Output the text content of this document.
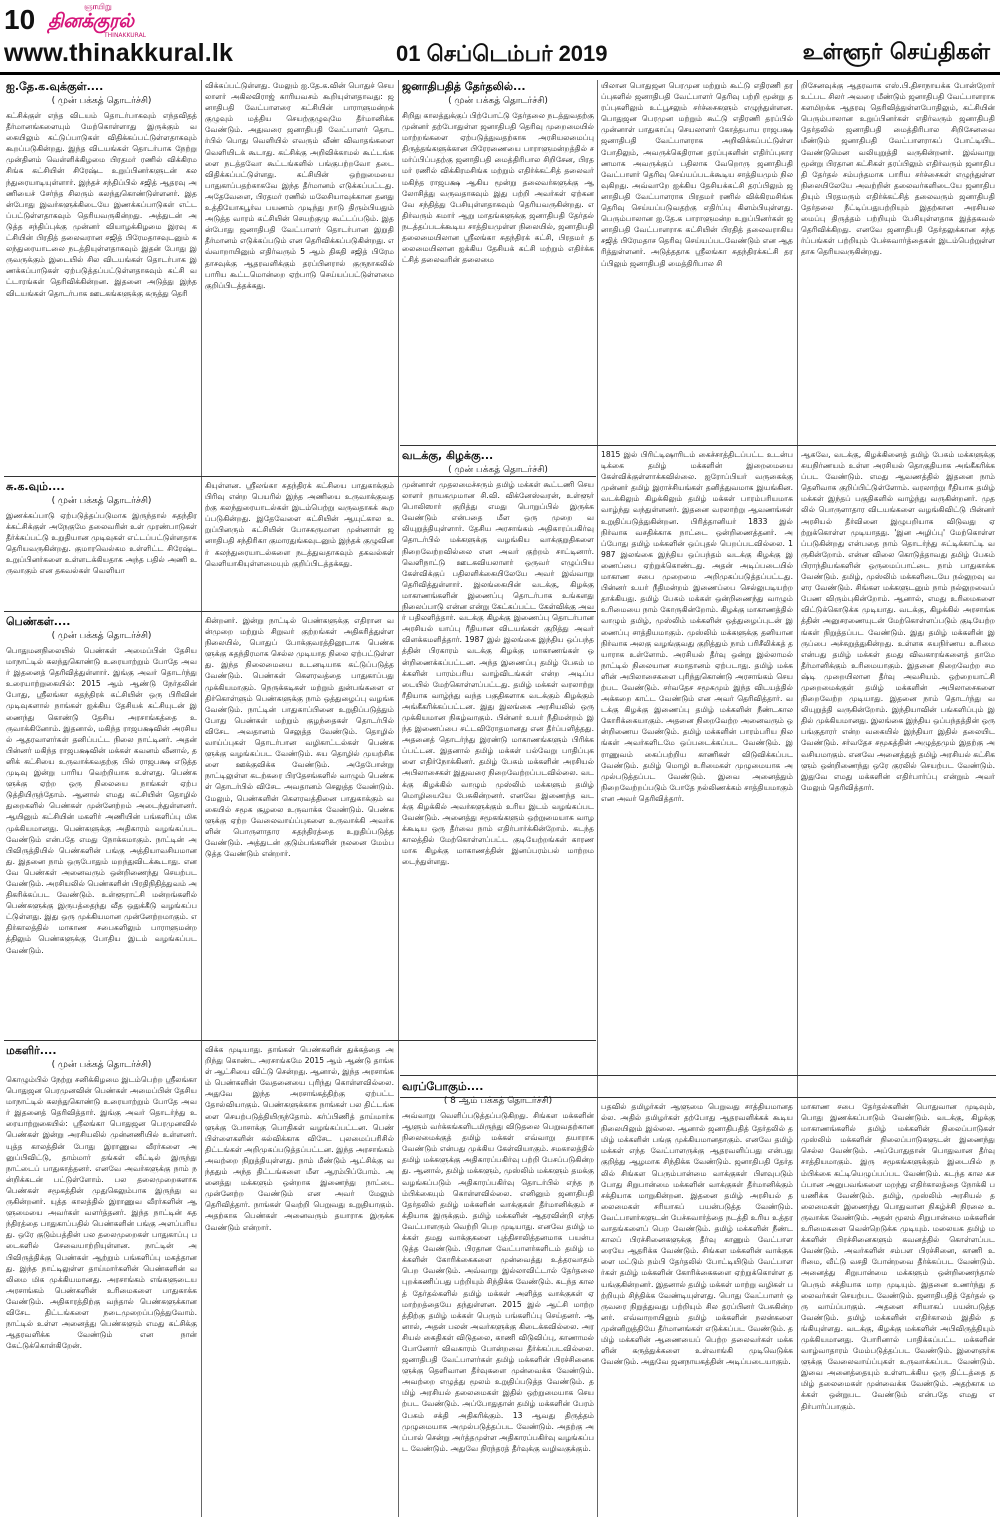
10	ஞாயிறு
தினக்குரல்
THINAKKURAL
www.thinakkural.lk	01 செப்டெம்பர் 2019	உள்ளூர் செய்திகள்
ஐ.தே.க.வுக்குள்....
( முன் பக்கத் தொடர்ச்சி)

கட்சிக்குள் எந்த விடயம் தொடர்பாகவும் எந்தவிதத் தீர்மானங்களையும் மேற்கொள்ளாது இருக்கும் வகையிலும் கட்டுப்பாடுகள் விதிக்கப்பட்டுள்ளதாகவும் கூறப்படுகின்றது. இந்த விடயங்கள் தொடர்பாக நேற்று முன்தினம் வெள்ளிக்கிழமை பிரதமர் ரணில் விக்கிரமசிங்க கட்சியின் சிரேஷ்ட உறுப்பினர்களுடன் கலந்துரையாடியுள்ளார். இந்தச் சந்திப்பில் சஜித் ஆதரவு அணியைச் சேர்ந்த சிலரும் கலந்துகொண்டுள்ளனர். இதன்போது இவர்களுக்கிடையே இணக்கப்பாடுகள் எட்டப்பட்டுள்ளதாகவும் தெரியவருகின்றது. அத்துடன் அடுத்த சந்திப்புக்கு முன்னர் வியாழக்கிழமை இரவு கட்சியின் பிரதித் தலைவரான சஜித் பிரேமதாசவுடனும் கலந்துரையாடலை நடத்தியுள்ளதாகவும் இதன் போது இருவருக்கும் இடையில் சில விடயங்கள் தொடர்பாக இணக்கப்பாடுகள் ஏற்படுத்தப்பட்டுள்ளதாகவும் கட்சி வட்டாரங்கள் தெரிவிக்கின்றன. இதனை அடுத்து இந்த விடயங்கள் தொடர்பாக ஊடகங்களுக்கு கருத்து தெரி

விக்கப்பட்டுள்ளது. மேலும் ஐ.தே.க.வின் பொதுச் செயலாளர் அகிலவிராஜ் காரியவசம் கூறியுள்ளதாவது: ஜனாதிபதி வேட்பாளரை கட்சியின் பாராளுமன்றக் குழுவும் மத்திய செயற்குழுவுமே தீர்மானிக்க வேண்டும். அதுவரை ஜனாதிபதி வேட்பாளர் தொடர்பில் பொது வெளியில் எவரும் வீண் விவாதங்களை வெளியிடக் கூடாது. கட்சிக்கு அறிவிக்காமல் கூட்டங்களை நடத்தவோ கூட்டங்களில் பங்குபற்றவோ தடை விதிக்கப்பட்டுள்ளது. கட்சியின் ஒற்றுமையை பாதுகாப்பதற்காகவே இந்த தீர்மானம் எடுக்கப்பட்டது. அதேவேளை, பிரதமர் ரணில் மலேசியாவுக்கான தனது உத்தியோகபூர்வ பயணம் முடிந்து நாடு திரும்பியதும் அடுத்த வாரம் கட்சியின் செயற்குழு கூட்டப்படும். இதன்போது ஜனாதிபதி வேட்பாளர் தொடர்பான இறுதி தீர்மானம் எடுக்கப்படும் என தெரிவிக்கப்படுகின்றது. எவ்வாறாயினும் எதிர்வரும் 5 ஆம் திகதி சஜித் பிரேமதாசவுக்கு ஆதரவளிக்கும் தரப்பினரால் குருநாகலில் பாரிய கூட்டமொன்றை ஏற்பாடு செய்யப்பட்டுள்ளமை குறிப்பிடத்தக்கது.

சு.க.வும்....
( முன் பக்கத் தொடர்ச்சி)

இணக்கப்பாடு ஏற்படுத்தப்படுமாக இருந்தால் சுதந்திரக்கட்சிக்குள் அநேகுமே தலைவரின் உள் முரண்பாடுகள் தீர்க்கப்பட்டு உறுதியான முடிவுகள் எட்டப்பட்டுள்ளதாக தெரியவருகின்றது. குமாரவெல்கம உள்ளிட்ட சிரேஷ்ட உறுப்பினர்களை உள்ளடக்கியதாக அந்த பதில் அணி உருவாகும் என தகவல்கள் வெளியா

கியுள்ளன. ஸ்ரீலங்கா சுதந்திரக் கட்சியை பாதுகாக்கும் பிரிவு என்ற பெயரில் இந்த அணியை உருவாக்குவதற்கு கலந்துரையாடல்கள் இடம்பெற்று வருவதாகக் கூறப்படுகின்றது. இதேவேளை கட்சியின் ஆயுட்கால உறுப்பினரும் கட்சியின் போசகருமான முன்னாள் ஜனாதிபதி சந்திரிகா குமாரதுங்கவுடனும் இந்தக் குழுவினர் கலந்துரையாடல்களை நடத்துவதாகவும் தகவல்கள் வெளியாகியுள்ளமையும் குறிப்பிடத்தக்கது.

பெண்கள்....
( முன் பக்கத் தொடர்ச்சி)

பொதுமனநிலையில் பெண்கள் அமைப்பின் தேசிய மாநாட்டில் கலந்துகொண்டு உரையாற்றும் போதே அவர் இதனைத் தெரிவித்துள்ளார். இங்கு அவர் தொடர்ந்து உரையாற்றுகையில்: 2015 ஆம் ஆண்டு நேர்தலின் போது, ஸ்ரீலங்கா சுதந்திரக் கட்சியின் ஒரு பிரிவின் முடிவுகளால் நாங்கள் ஐக்கிய தேசியக் கட்சியுடன் இணைந்து கொண்டு தேசிய அரசாங்கத்தை உருவாக்கினோம். இதனால், மகிந்த ராஜபக்ஷவின் அரசியல் ஆதரவாளர்கள் தனிப்பட்ட நிலை நாட்டினர். அதன் பின்னர் மகிந்த ராஜபக்ஷவின் மக்கள் கவனம் வீனால், தனிக் கட்சியை உருவாக்கவதற்கு பில் ராஜபக்ஷ எடுத்த முடிவு இன்று பாரிய வெற்றியாக உள்ளது. பெண்களுக்கு ஏற்ற ஒரு நிலையை நாங்கள் ஏற்படுத்தியிருந்தோம். ஆனால் எமது கட்சியின் தொழில் துறைகளில் பெண்கள் முன்னேற்றம் அடைந்துள்ளனர். ஆயினும் கட்சியின் மகளிர் அணியின் பங்களிப்பு மிக முக்கியமானது. பெண்களுக்கு அதிகாரம் வழங்கப்பட வேண்டும் என்பதே எமது நோக்கமாகும். நாட்டின் அபிவிருத்தியில் பெண்களின் பங்கு அத்தியாவசியமானது. இதனை நாம் ஒருபோதும் மறந்துவிடக்கூடாது. எனவே பெண்கள் அனைவரும் ஒன்றிணைந்து செயற்பட வேண்டும். அரசியலில் பெண்களின் பிரதிநிதித்துவம் அதிகரிக்கப்பட வேண்டும். உள்ளூராட்சி மன்றங்களில் பெண்களுக்கு இருபத்தைந்து வீத ஒதுக்கீடு வழங்கப்பட்டுள்ளது. இது ஒரு முக்கியமான முன்னேற்றமாகும். எதிர்காலத்தில் மாகாண சபைகளிலும் பாராளுமன்றத்திலும் பெண்களுக்கு போதிய இடம் வழங்கப்பட வேண்டும்.

கின்றனர். இன்று நாட்டில் பெண்களுக்கு எதிரான வன்முறை மற்றும் சிறுவர் குற்றங்கள் அதிகரித்துள்ள நிலையில், பொதுப் போக்குவரத்தினூடாக பெண்களுக்கு சுதந்திரமாக செல்ல முடியாத நிலை ஏற்பட்டுள்ளது. இந்த நிலைமையை உடனடியாக கட்டுப்படுத்த வேண்டும். பெண்கள் கௌரவத்தை பாதுகாப்பது முக்கியமாகும். நெருக்கடிகள் மற்றும் துன்பங்களை எதிர்கொள்ளும் பெண்களுக்கு நாம் ஒத்துழைப்பு வழங்க வேண்டும். நாட்டின் பாதுகாப்பினை உறுதிப்படுத்தும் போது பெண்கள் மற்றும் குழந்தைகள் தொடர்பில் விசேட அவதானம் செலுத்த வேண்டும். தொழில் வாய்ப்புகள் தொடர்பான வழிகாட்டல்கள் பெண்களுக்கு வழங்கப்பட வேண்டும். சுய தொழில் முயற்சிகளை ஊக்குவிக்க வேண்டும். அதேபோன்று நாட்டிலுள்ள கடற்கரை பிரதேசங்களில் வாழும் பெண்கள் தொடர்பில் விசேட அவதானம் செலுத்த வேண்டும். மேலும், பெண்களின் கௌரவத்தினை பாதுகாக்கும் வகையில் சமூக சூழலை உருவாக்க வேண்டும். பெண்களுக்கு ஏற்ற வேலைவாய்ப்புகளை உருவாக்கி அவர்களின் பொருளாதார சுதந்திரத்தை உறுதிப்படுத்த வேண்டும். அத்துடன் குடும்பங்களின் நலனை மேம்படுத்த வேண்டும் என்றார்.

மகளிர்....
( முன் பக்கத் தொடர்ச்சி)

கொழும்பில் நேற்று சனிக்கிழமை இடம்பெற்ற ஸ்ரீலங்கா பொதுஜன பெரமுனவின் பெண்கள் அமைப்பின் தேசிய மாநாட்டில் கலந்துகொண்டு உரையாற்றும் போதே அவர் இதனைத் தெரிவித்தார். இங்கு அவர் தொடர்ந்து உரையாற்றுகையில்: ஸ்ரீலங்கா பொதுஜன பெரமுனவில் பெண்கள் இன்று அரசியலில் முன்னணியில் உள்ளனர். யுத்த காலத்தின் போது இராணுவ வீரர்களை அனுப்பிவிட்டு, தாம்மார் தங்கள் வீட்டில் இருந்து நாட்டைப் பாதுகாத்தனர். எனவே அவர்களுக்கு நாம் நன்றிக்கடன் பட்டுள்ளோம். பல தலைமுறைகளாக பெண்கள் சமூகத்தின் முதுகெலும்பாக இருந்து வருகின்றனர். யுத்த காலத்தில் இராணுவ வீரர்களின் ஆளுமையை அவர்கள் வளர்த்தனர். இந்த நாட்டின் சுதந்திரத்தை பாதுகாப்பதில் பெண்களின் பங்கு அளப்பரியது. ஒரே குடும்பத்தின் பல தலைமுறைகள் பாதுகாப்பு படைகளில் சேவையாற்றியுள்ளன. நாட்டின் அபிவிருத்திக்கு பெண்கள் ஆற்றும் பங்களிப்பு மகத்தானது. இந்த நாட்டிலுள்ள தாய்மார்களின் பெண்களின் வலிமை மிக முக்கியமானது. அரசாங்கம் எங்களுடைய அரசாங்கம் பெண்களின் உரிமைகளை பாதுகாக்க வேண்டும். அதிகாரத்திற்கு வந்தால் பெண்களுக்கான விசேட திட்டங்களை நடைமுறைப்படுத்துவோம். நாட்டில் உள்ள அனைத்து பெண்களும் எமது கட்சிக்கு ஆதரவளிக்க வேண்டும் என நான் கேட்டுக்கொள்கிறேன்.

விக்க முடியாது. தாங்கள் பெண்களின் துக்கத்தை அறிந்து கொண்ட அரசாங்கமே 2015 ஆம் ஆண்டு தாங்கள் ஆட்சியை விட்டு சென்றது. ஆனால், இந்த அரசாங்கம் பெண்களின் வேதனையை புரிந்து கொள்ளவில்லை. அதுவே இந்த அரசாங்கத்திற்கு ஏற்பட்ட தோல்வியாகும். பெண்களுக்காக நாங்கள் பல திட்டங்களை செயற்படுத்தியிருந்தோம். கர்ப்பிணித் தாய்மார்களுக்கு போசாக்கு பொதிகள் வழங்கப்பட்டன. பெண் பிள்ளைகளின் கல்விக்காக விசேட புலமைப்பரிசில் திட்டங்கள் அறிமுகப்படுத்தப்பட்டன. இந்த அரசாங்கம் அவற்றை நிறுத்தியுள்ளது. நாம் மீண்டும் ஆட்சிக்கு வந்ததும் அந்த திட்டங்களை மீள ஆரம்பிப்போம். அனைத்து மக்களும் ஒன்றாக இணைந்து நாட்டை முன்னேற்ற வேண்டும் என அவர் மேலும் தெரிவித்தார். நாங்கள் வெற்றி பெறுவது உறுதியாகும். அதற்காக பெண்கள் அனைவரும் தயாராக இருக்க வேண்டும் என்றார்.

ஜனாதிபதித் தேர்தலில்...
( முன் பக்கத் தொடர்ச்சி)

சிறிது காலத்துக்குப் பிற்போட்டு தேர்தலை நடத்துவதற்கு முன்னர் தற்போதுள்ள ஜனாதிபதி தெரிவு முறைமையில் மாற்றங்களை ஏற்படுத்துவதற்காக அரசியலமைப்பு திருத்தங்களுக்கான பிரேரணையை பாராளுமன்றத்தில் சமர்ப்பிப்பதற்கு ஜனாதிபதி மைத்திரிபால சிறிசேன, பிரதமர் ரணில் விக்கிரமசிங்க மற்றும் எதிர்க்கட்சித் தலைவர் மகிந்த ராஜபக்ஷ ஆகிய மூன்று தலைவர்களுக்கு ஆலோசித்து வருவதாகவும் இது பற்றி அவர்கள் ஏற்கனவே சந்தித்து பேசியுள்ளதாகவும் தெரியவருகின்றது. எதிர்வரும் சுமார் ஆறு மாதங்களுக்கு ஜனாதிபதி தேர்தல் நடத்தப்படக்கூடிய சாத்தியமுள்ள நிலையில், ஜனாதிபதி தலைமையிலான ஸ்ரீலங்கா சுதந்திரக் கட்சி, பிரதமர் தலைமையிலான ஐக்கிய தேசியக் கட்சி மற்றும் எதிர்க்கட்சித் தலைவரின் தலைமை

யிலான பொதுஜன பெரமுன மற்றும் கூட்டு எதிரணி தரப்புகளில் ஜனாதிபதி வேட்பாளர் தெரிவு பற்றி மூன்று தரப்புகளிலும் உட்பூசலும் சர்ச்சைகளும் எழுந்துள்ளன. பொதுஜன பெரமுன மற்றும் கூட்டு எதிரணி தரப்பில் முன்னாள் பாதுகாப்பு செயலாளர் கோத்தபாய ராஜபக்ஷ ஜனாதிபதி வேட்பாளராக அறிவிக்கப்பட்டுள்ள போதிலும், அவருக்கெதிரான தரப்புகளின் எதிர்ப்புகாரணமாக அவருக்குப் பதிலாக வேறொரு ஜனாதிபதி வேட்பாளர் தெரிவு செய்யப்படக்கூடிய சாத்தியமும் நிலவுகிறது. அவ்வாறே ஐக்கிய தேசியக்கட்சி தரப்பிலும் ஜனாதிபதி வேட்பாளராக பிரதமர் ரணில் விக்கிரமசிங்க தெரிவு செய்யப்படுவதற்கு எதிர்ப்பு கிளம்பியுள்ளது. பெரும்பாலான ஐ.தே.க பாராளுமன்ற உறுப்பினர்கள் ஜனாதிபதி வேட்பாளராக கட்சியின் பிரதித் தலைவராகிய சஜித் பிரேமதாச தெரிவு செய்யப்படவேண்டும் என ஆதரித்துள்ளனர். அடுத்ததாக ஸ்ரீலங்கா சுதந்திரக்கட்சி தரப்பிலும் ஜனாதிபதி மைத்திரிபால சி

றிசேனவுக்கு ஆதரவாக எஸ்.பி.திசாநாயக்க போன்றோர் உட்பட சிலர் அவரை மீண்டும் ஜனாதிபதி வேட்பாளராக களமிறக்க ஆதரவு தெரிவித்துள்ளபோதிலும், கட்சியின் பெரும்பாலான உறுப்பினர்கள் எதிர்வரும் ஜனாதிபதி தேர்தலில் ஜனாதிபதி மைத்திரிபால சிறிசேனவை மீண்டும் ஜனாதிபதி வேட்பாளராகப் போட்டியிட வேண்டுமென வலியுறுத்தி வருகின்றனர். இவ்வாறு மூன்று பிரதான கட்சிகள் தரப்பிலும் எதிர்வரும் ஜனாதிபதி தேர்தல் சம்பந்தமாக பாரிய சர்ச்சைகள் எழுந்துள்ள நிலையிலேயே அவற்றின் தலைவர்களிடையே ஜனாதிபதியும் பிரதமரும் எதிர்க்கட்சித் தலைவரும் ஜனாதிபதி தேர்தலை நீட்டிப்பதுபற்றியும் இதற்கான அரசியலமைப்பு திருத்தம் பற்றியும் பேசியுள்ளதாக இத்தகவல் தெரிவிக்கிறது. எனவே ஜனாதிபதி தேர்தலுக்கான சந்தர்ப்பங்கள் பற்றியும் பேச்சுவார்த்தைகள் இடம்பெற்றுள்ளதாக தெரியவருகின்றது.

வடக்கு, கிழக்கு...
( முன் பக்கத் தொடர்ச்சி)

முன்னாள் முதலமைச்சரும் தமிழ் மக்கள் கூட்டணி செயலாளர் நாயகமுமான சி.வி. விக்னேஸ்வரன், உள்ளூர் பொலிஸார் குறித்து எமது பொறுப்பில் இருக்க வேண்டும் என்பதை மீள ஒரு முறை வலியுறுத்தியுள்ளார். தேசிய அரசாங்கம் அதிகாரப்பகிர்வு தொடர்பில் மக்களுக்கு வழங்கிய வாக்குறுதிகளை நிறைவேற்றவில்லை என அவர் குற்றம் சாட்டினார். வெளிநாட்டு ஊடகவியலாளர் ஒருவர் எழுப்பிய கேள்விக்குப் பதிலளிக்கையிலேயே அவர் இவ்வாறு தெரிவித்துள்ளார். இலங்கையின் வடக்கு, கிழக்கு மாகாணங்களின் இணைப்பு தொடர்பாக உங்களது நிலைப்பாடு என்ன என்று கேட்கப்பட்ட கேள்விக்கு அவர் பதிலளித்தார். வடக்கு கிழக்கு இணைப்பு தொடர்பான அரசியல் யாப்பு ரீதியான விடயங்கள் குறித்து அவர் விளக்கமளித்தார். 1987 இல் இலங்கை இந்திய ஒப்பந்தத்தின் பிரகாரம் வடக்கு கிழக்கு மாகாணங்கள் ஒன்றிணைக்கப்பட்டன. அந்த இணைப்பு தமிழ் பேசும் மக்களின் பாரம்பரிய வாழ்விடங்கள் என்ற அடிப்படையில் மேற்கொள்ளப்பட்டது. தமிழ் மக்கள் வரலாற்று ரீதியாக வாழ்ந்து வந்த பகுதிகளாக வடக்கும் கிழக்கும் அங்கீகரிக்கப்பட்டன. இது இலங்கை அரசியலில் ஒரு முக்கியமான நிகழ்வாகும். பின்னர் உயர் நீதிமன்றம் இந்த இணைப்பை சட்டவிரோதமானது என தீர்ப்பளித்தது. அதனைத் தொடர்ந்து இரண்டு மாகாணங்களும் பிரிக்கப்பட்டன. இதனால் தமிழ் மக்கள் பல்வேறு பாதிப்புகளை எதிர்நோக்கினர். தமிழ் பேசும் மக்களின் அரசியல் அபிலாசைகள் இதுவரை நிறைவேற்றப்படவில்லை. வடக்கு கிழக்கில் வாழும் முஸ்லிம் மக்களும் தமிழ் மொழியையே பேசுகின்றனர். எனவே இணைந்த வடக்கு கிழக்கில் அவர்களுக்கும் உரிய இடம் வழங்கப்பட வேண்டும். அனைத்து சமூகங்களும் ஒற்றுமையாக வாழக்கூடிய ஒரு தீர்வை நாம் எதிர்பார்க்கின்றோம். கடந்த காலத்தில் மேற்கொள்ளப்பட்ட குடியேற்றங்கள் காரணமாக கிழக்கு மாகாணத்தின் இனப்பரம்பல் மாற்றமடைந்துள்ளது.

1815 இல் பிரிட்டிஷாரிடம் கைச்சாத்திடப்பட்ட உடன்படிக்கை தமிழ் மக்களின் இறைமையை கேள்விக்குள்ளாக்கவில்லை. ஐரோப்பியர் வருகைக்கு முன்னர் தமிழ் இராச்சியங்கள் தனித்துவமாக இயங்கின. வடக்கிலும் கிழக்கிலும் தமிழ் மக்கள் பாரம்பரியமாக வாழ்ந்து வந்துள்ளனர். இதனை வரலாற்று ஆவணங்கள் உறுதிப்படுத்துகின்றன. பிரித்தானியர் 1833 இல் நிர்வாக வசதிக்காக நாட்டை ஒன்றிணைத்தனர். அப்போது தமிழ் மக்களின் ஒப்புதல் பெறப்படவில்லை. 1987 இலங்கை இந்திய ஒப்பந்தம் வடக்கு கிழக்கு இணைப்பை ஏற்றுக்கொண்டது. அதன் அடிப்படையில் மாகாண சபை முறைமை அறிமுகப்படுத்தப்பட்டது. பின்னர் உயர் நீதிமன்றம் இணைப்பை செல்லுபடியற்றதாக்கியது. தமிழ் பேசும் மக்கள் ஒன்றிணைந்து வாழும் உரிமையை நாம் கோருகின்றோம். கிழக்கு மாகாணத்தில் வாழும் தமிழ், முஸ்லிம் மக்களின் ஒத்துழைப்புடன் இணைப்பு சாத்தியமாகும். முஸ்லிம் மக்களுக்கு தனியான நிர்வாக அலகு வழங்குவது குறித்தும் நாம் பரிசீலிக்கத் தயாராக உள்ளோம். அரசியல் தீர்வு ஒன்று இல்லாமல் நாட்டில் நிலையான சமாதானம் ஏற்படாது. தமிழ் மக்களின் அபிலாசைகளை புரிந்துகொண்டு அரசாங்கம் செயற்பட வேண்டும். சர்வதேச சமூகமும் இந்த விடயத்தில் அக்கறை காட்ட வேண்டும் என அவர் தெரிவித்தார். வடக்கு கிழக்கு இணைப்பு தமிழ் மக்களின் நீண்டகால கோரிக்கையாகும். அதனை நிறைவேற்ற அனைவரும் ஒன்றிணைய வேண்டும். தமிழ் மக்களின் பாரம்பரிய நிலங்கள் அவர்களிடமே ஒப்படைக்கப்பட வேண்டும். இராணுவம் கைப்பற்றிய காணிகள் விடுவிக்கப்பட வேண்டும். தமிழ் மொழி உரிமைகள் முழுமையாக அமுல்படுத்தப்பட வேண்டும். இவை அனைத்தும் நிறைவேற்றப்படும் போதே நல்லிணக்கம் சாத்தியமாகும் என அவர் தெரிவித்தார்.

ஆகவே, வடக்கு, கிழக்கினைத் தமிழ் பேசும் மக்களுக்கு சுயநிர்ணயம் உள்ள அரசியல் தொகுதியாக அங்கீகரிக்கப்பட வேண்டும். எமது ஆவணத்தில் இதனை நாம் தெளிவாக குறிப்பிட்டுள்ளோம். வரலாற்று ரீதியாக தமிழ் மக்கள் இந்தப் பகுதிகளில் வாழ்ந்து வருகின்றனர். முதலில் பொருளாதார விடயங்களை வழங்கிவிட்டு பின்னர் அரசியல் தீர்வினை இழுபறியாக விடுவது ஏற்றுக்கொள்ள முடியாதது. 'இன அழிப்பு' மேற்கொள்ளப்படுகின்றது என்பதை நாம் தொடர்ந்து சுட்டிக்காட்டி வருகின்றோம். என்ன விலை கொடுத்தாவது தமிழ் பேசும் பிராந்தியங்களின் ஒருமைப்பாட்டை நாம் பாதுகாக்க வேண்டும். தமிழ், முஸ்லிம் மக்களிடையே நல்லுறவு வளர வேண்டும். சிங்கள மக்களுடனும் நாம் நல்லுறவைப் பேண விரும்புகின்றோம். ஆனால், எமது உரிமைகளை விட்டுக்கொடுக்க முடியாது. வடக்கு, கிழக்கில் அரசாங்கத்தின் அனுசரணையுடன் மேற்கொள்ளப்படும் குடியேற்றங்கள் நிறுத்தப்பட வேண்டும். இது தமிழ் மக்களின் இருப்பை அச்சுறுத்துகின்றது. உள்ளக சுயநிர்ணய உரிமை என்பது தமிழ் மக்கள் தமது விவகாரங்களைத் தாமே தீர்மானிக்கும் உரிமையாகும். இதனை நிறைவேற்ற சமஷ்டி முறையிலான தீர்வு அவசியம். ஒற்றையாட்சி முறைமைக்குள் தமிழ் மக்களின் அபிலாசைகளை நிறைவேற்ற முடியாது. இதனை நாம் தொடர்ந்து வலியுறுத்தி வருகின்றோம். இந்தியாவின் பங்களிப்பும் இதில் முக்கியமானது. இலங்கை இந்திய ஒப்பந்தத்தின் ஒரு பங்குதாரர் என்ற வகையில் இந்தியா இதில் தலையிட வேண்டும். சர்வதேச சமூகத்தின் அழுத்தமும் இதற்கு அவசியமாகும். எனவே அனைத்துத் தமிழ் அரசியல் கட்சிகளும் ஒன்றிணைந்து ஒரே குரலில் செயற்பட வேண்டும். இதுவே எமது மக்களின் எதிர்பார்ப்பு என்றும் அவர் மேலும் தெரிவித்தார்.

வரப்போகும்....
( 8 ஆம் பக்கத் தொடர்ச்சி)

அவ்வாறு வெளிப்படுத்தப்படுகிறது. சிங்கள மக்களின் ஆளும் வர்க்கங்களிடமிருந்து விடுதலை பெறுவதற்கான நிலைமைக்குத் தமிழ் மக்கள் எவ்வாறு தயாராக வேண்டும் என்பது முக்கிய கேள்வியாகும். சமகாலத்தில் தமிழ் மக்களுக்கு அதிகாரப்பகிர்வு பற்றி பேசப்படுகின்றது. ஆனால், தமிழ் மக்களும், முஸ்லிம் மக்களும் தமக்கு வழங்கப்படும் அதிகாரப்பகிர்வு தொடர்பில் எந்த நம்பிக்கையும் கொள்ளவில்லை. எனினும் ஜனாதிபதி தேர்தலில் தமிழ் மக்களின் வாக்குகள் தீர்மானிக்கும் சக்தியாக இருக்கும். தமிழ் மக்களின் ஆதரவின்றி எந்த வேட்பாளரும் வெற்றி பெற முடியாது. எனவே தமிழ் மக்கள் தமது வாக்குகளை புத்திசாலித்தனமாக பயன்படுத்த வேண்டும். பிரதான வேட்பாளர்களிடம் தமிழ் மக்களின் கோரிக்கைகளை முன்வைத்து உத்தரவாதம் பெற வேண்டும். அவ்வாறு இல்லாவிட்டால் தேர்தலை புறக்கணிப்பது பற்றியும் சிந்திக்க வேண்டும். கடந்த காலத் தேர்தல்களில் தமிழ் மக்கள் அளித்த வாக்குகள் ஏமாற்றத்தையே தந்துள்ளன. 2015 இல் ஆட்சி மாற்றத்திற்கு தமிழ் மக்கள் பெரும் பங்களிப்பு செய்தனர். ஆனால், அதன் பலன் அவர்களுக்கு கிடைக்கவில்லை. அரசியல் கைதிகள் விடுதலை, காணி விடுவிப்பு, காணாமல் போனோர் விவகாரம் போன்றவை தீர்க்கப்படவில்லை. ஜனாதிபதி வேட்பாளர்கள் தமிழ் மக்களின் பிரச்சினைகளுக்கு தெளிவான தீர்வுகளை முன்வைக்க வேண்டும். அவற்றை எழுத்து மூலம் உறுதிப்படுத்த வேண்டும். தமிழ் அரசியல் தலைமைகள் இதில் ஒற்றுமையாக செயற்பட வேண்டும். அப்போதுதான் தமிழ் மக்களின் பேரம் பேசும் சக்தி அதிகரிக்கும். 13 ஆவது திருத்தம் முழுமையாக அமுல்படுத்தப்பட வேண்டும். அதற்கு அப்பால் சென்று அர்த்தமுள்ள அதிகாரப்பகிர்வு வழங்கப்பட வேண்டும். அதுவே நிரந்தரத் தீர்வுக்கு வழிவகுக்கும்.

பதவில் தமிழர்கள் ஆளுமை பெறுவது சாத்தியமானதல்ல. அதில் தமிழர்கள் தற்போது ஆதரவளிக்கக் கூடிய நிலையிலும் இல்லை. ஆனால் ஜனாதிபதித் தேர்தலில் தமிழ் மக்களின் பங்கு முக்கியமானதாகும். எனவே தமிழ் மக்கள் எந்த வேட்பாளருக்கு ஆதரவளிப்பது என்பது குறித்து ஆழமாக சிந்திக்க வேண்டும். ஜனாதிபதி தேர்தலில் சிங்கள பெரும்பான்மை வாக்குகள் பிளவுபடும் போது சிறுபான்மை மக்களின் வாக்குகள் தீர்மானிக்கும் சக்தியாக மாறுகின்றன. இதனை தமிழ் அரசியல் தலைமைகள் சரியாகப் பயன்படுத்த வேண்டும். வேட்பாளர்களுடன் பேச்சுவார்த்தை நடத்தி உரிய உத்தரவாதங்களைப் பெற வேண்டும். தமிழ் மக்களின் நீண்டகாலப் பிரச்சினைகளுக்கு தீர்வு காணும் வேட்பாளரையே ஆதரிக்க வேண்டும். சிங்கள மக்களின் வாக்குகளை மட்டும் நம்பி தேர்தலில் போட்டியிடும் வேட்பாளர்கள் தமிழ் மக்களின் கோரிக்கைகளை ஏற்றுக்கொள்ள தயங்குகின்றனர். இதனால் தமிழ் மக்கள் மாற்று வழிகள் பற்றியும் சிந்திக்க வேண்டியுள்ளது. பொது வேட்பாளர் ஒருவரை நிறுத்துவது பற்றியும் சில தரப்பினர் பேசுகின்றனர். எவ்வாறாயினும் தமிழ் மக்களின் நலன்களை முன்னிறுத்தியே தீர்மானங்கள் எடுக்கப்பட வேண்டும். தமிழ் மக்களின் ஆணையைப் பெற்ற தலைவர்கள் மக்களின் கருத்துக்களை உள்வாங்கி முடிவெடுக்க வேண்டும். அதுவே ஜனநாயகத்தின் அடிப்படையாகும்.

மாகாண சபை தேர்தல்களின் பொதுவான முடிவும், பொது இணக்கப்பாடும் வேண்டும். வடக்கு, கிழக்கு மாகாணங்களில் தமிழ் மக்களின் நிலைப்பாடுகள் முஸ்லிம் மக்களின் நிலைப்பாடுகளுடன் இணைந்து செல்ல வேண்டும். அப்போதுதான் பொதுவான தீர்வு சாத்தியமாகும். இரு சமூகங்களுக்கும் இடையில் நம்பிக்கை கட்டியெழுப்பப்பட வேண்டும். கடந்த கால கசப்பான அனுபவங்களை மறந்து எதிர்காலத்தை நோக்கி பயணிக்க வேண்டும். தமிழ், முஸ்லிம் அரசியல் தலைமைகள் இணைந்து பொதுவான நிகழ்ச்சி நிரலை உருவாக்க வேண்டும். அதன் மூலம் சிறுபான்மை மக்களின் உரிமைகளை வென்றெடுக்க முடியும். மலையக தமிழ் மக்களின் பிரச்சினைகளும் கவனத்தில் கொள்ளப்பட வேண்டும். அவர்களின் சம்பள பிரச்சினை, காணி உரிமை, வீட்டு வசதி போன்றவை தீர்க்கப்பட வேண்டும். அனைத்து சிறுபான்மை மக்களும் ஒன்றிணைந்தால் பெரும் சக்தியாக மாற முடியும். இதனை உணர்ந்து தலைவர்கள் செயற்பட வேண்டும். ஜனாதிபதித் தேர்தல் ஒரு வாய்ப்பாகும். அதனை சரியாகப் பயன்படுத்த வேண்டும். தமிழ் மக்களின் எதிர்காலம் இதில் தங்கியுள்ளது. வடக்கு, கிழக்கு மக்களின் அபிவிருத்தியும் முக்கியமானது. போரினால் பாதிக்கப்பட்ட மக்களின் வாழ்வாதாரம் மேம்படுத்தப்பட வேண்டும். இளைஞர்களுக்கு வேலைவாய்ப்புகள் உருவாக்கப்பட வேண்டும். இவை அனைத்தையும் உள்ளடக்கிய ஒரு திட்டத்தை தமிழ் தலைமைகள் முன்வைக்க வேண்டும். அதற்காக மக்கள் ஒன்றுபட வேண்டும் என்பதே எமது எதிர்பார்ப்பாகும்.
